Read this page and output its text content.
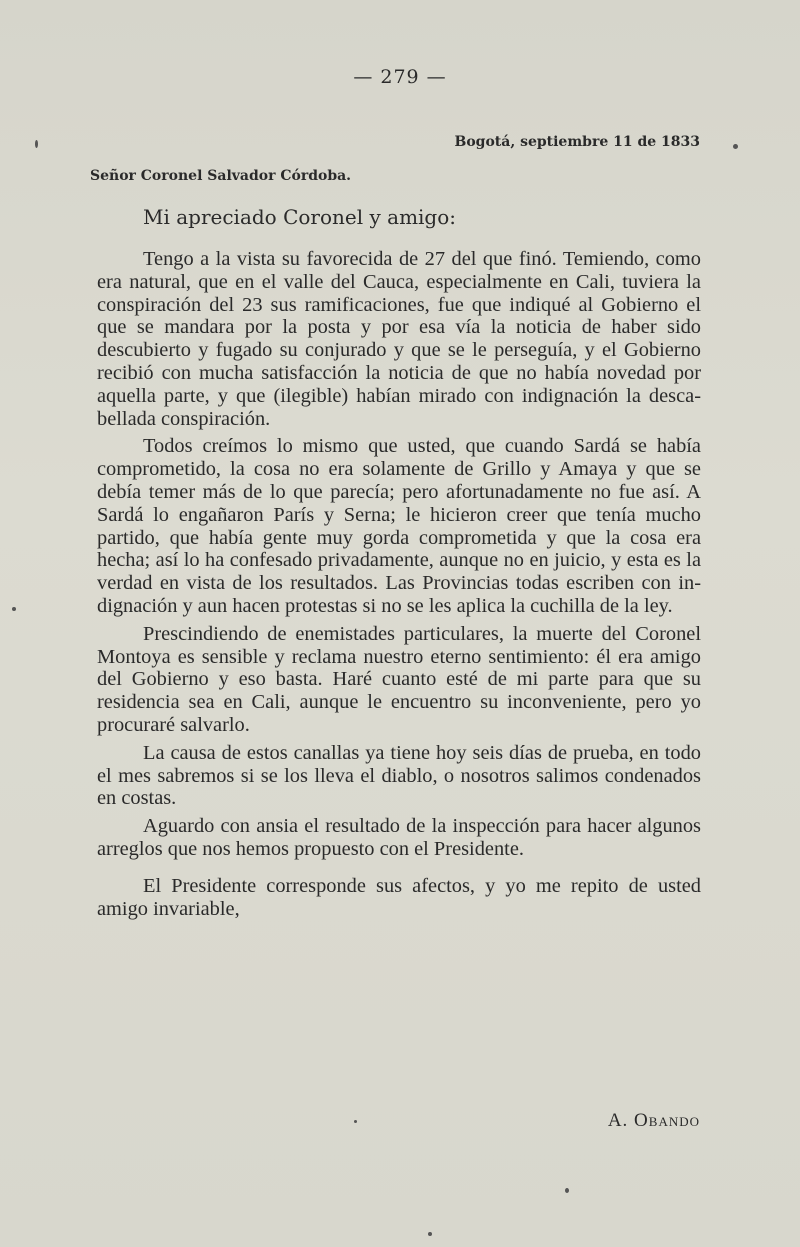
— 279 —
Bogotá, septiembre 11 de 1833
Señor Coronel Salvador Córdoba.
Mi apreciado Coronel y amigo:

Tengo a la vista su favorecida de 27 del que finó. Temiendo, como era natural, que en el valle del Cauca, especialmente en Cali, tuviera la conspiración del 23 sus ramificaciones, fue que indiqué al Gobierno el que se mandara por la posta y por esa vía la noticia de haber sido descubierto y fugado su conjurado y que se le perseguía, y el Gobierno recibió con mucha satisfacción la noticia de que no había novedad por aquella parte, y que (ilegible) habían mirado con indignación la descabellada conspiración.

Todos creímos lo mismo que usted, que cuando Sardá se había comprometido, la cosa no era solamente de Grillo y Amaya y que se debía temer más de lo que parecía; pero afortunadamente no fue así. A Sardá lo engañaron París y Serna; le hicieron creer que tenía mucho partido, que había gente muy gorda comprometida y que la cosa era hecha; así lo ha confesado privadamente, aunque no en juicio, y esta es la verdad en vista de los resultados. Las Provincias todas escriben con indignación y aun hacen protestas si no se les aplica la cuchilla de la ley.

Prescindiendo de enemistades particulares, la muerte del Coronel Montoya es sensible y reclama nuestro eterno sentimiento: él era amigo del Gobierno y eso basta. Haré cuanto esté de mi parte para que su residencia sea en Cali, aunque le encuentro su inconveniente, pero yo procuraré salvarlo.

La causa de estos canallas ya tiene hoy seis días de prueba, en todo el mes sabremos si se los lleva el diablo, o nosotros salimos condenados en costas.

Aguardo con ansia el resultado de la inspección para hacer algunos arreglos que nos hemos propuesto con el Presidente.

El Presidente corresponde sus afectos, y yo me repito de usted amigo invariable,

A. Obando
